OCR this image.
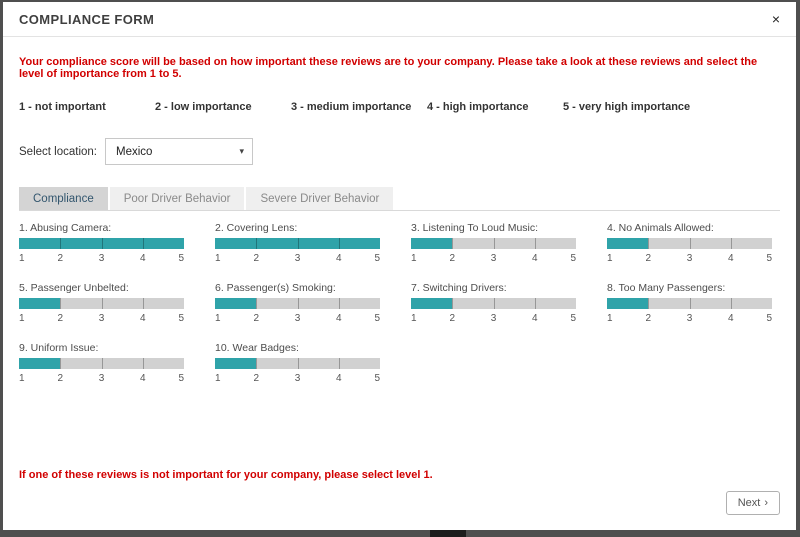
COMPLIANCE FORM	×

Your compliance score will be based on how important these reviews are to your company. Please take a look at these reviews and select the level of importance from 1 to 5.

1 - not important	2 - low importance	3 - medium importance	4 - high importance	5 - very high importance
Select location: Mexico	▾
Compliance	Poor Driver Behavior	Severe Driver Behavior
1. Abusing Camera:
1	2	3	4	5
2. Covering Lens:
1	2	3	4	5
3. Listening To Loud Music:
1	2	3	4	5
4. No Animals Allowed:
1	2	3	4	5
5. Passenger Unbelted:
1	2	3	4	5
6. Passenger(s) Smoking:
1	2	3	4	5
7. Switching Drivers:
1	2	3	4	5
8. Too Many Passengers:
1	2	3	4	5
9. Uniform Issue:
1	2	3	4	5
10. Wear Badges:
1	2	3	4	5

If one of these reviews is not important for your company, please select level 1.

Next ›
